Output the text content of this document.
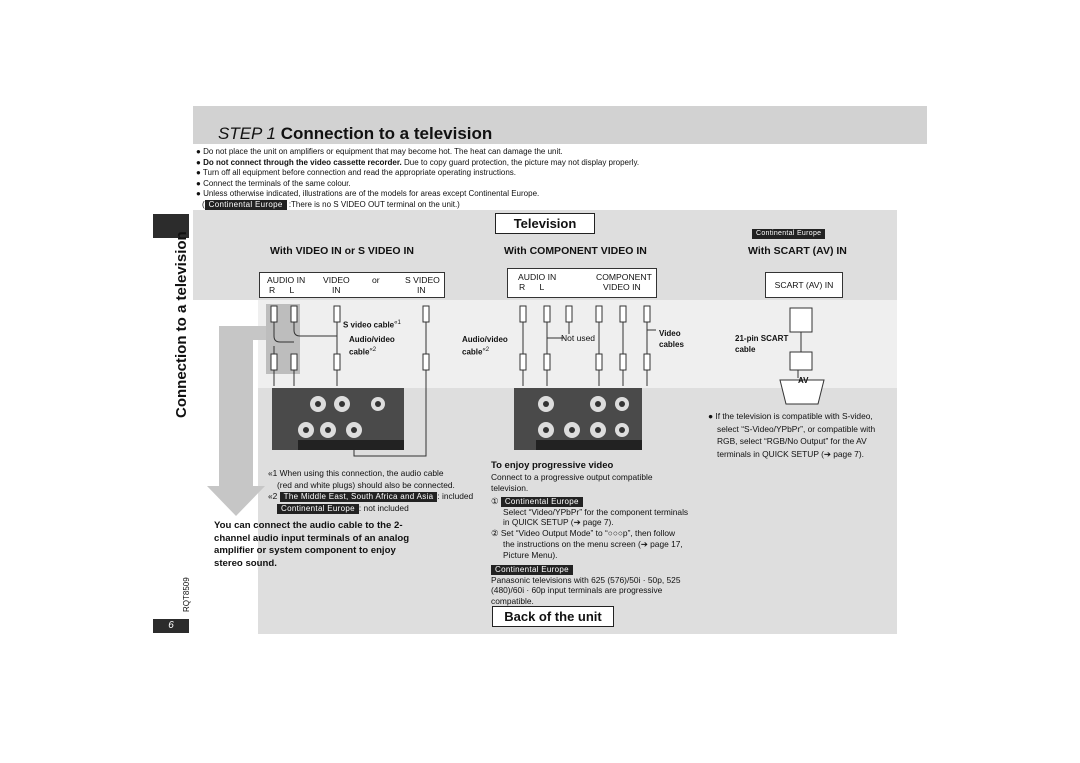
STEP 1 Connection to a television
● Do not place the unit on amplifiers or equipment that may become hot. The heat can damage the unit.
● Do not connect through the video cassette recorder. Due to copy guard protection, the picture may not display properly.
● Turn off all equipment before connection and read the appropriate operating instructions.
● Connect the terminals of the same colour.
● Unless otherwise indicated, illustrations are of the models for areas except Continental Europe.
( Continental Europe :There is no S VIDEO OUT terminal on the unit.)
Connection to a television
RQT8509
6
Television
With VIDEO IN or S VIDEO IN	With COMPONENT VIDEO IN
Continental Europe
With SCART (AV) IN
AUDIO IN
R      L
VIDEO
IN
or	S VIDEO
IN
AUDIO IN
R      L
COMPONENT
VIDEO IN	SCART (AV) IN
S video cable$^{«1}$
Audio/video
cable$^{«2}$
Audio/video
cable$^{«2}$
Not used	Video
cables
21-pin SCART
cable
AV
● If the television is compatible with S-video,
select “S-Video/YPbPr”, or compatible with
RGB, select “RGB/No Output” for the AV
terminals in QUICK SETUP (➔ page 7).
«1 When using this connection, the audio cable
(red and white plugs) should also be connected.
«2 The Middle East, South Africa and Asia : included
Continental Europe : not included
You can connect the audio cable to the 2-
channel audio input terminals of an analog
amplifier or system component to enjoy
stereo sound.
To enjoy progressive video
Connect to a progressive output compatible
television.
① Continental Europe
Select “Video/YPbPr” for the component terminals
in QUICK SETUP (➔ page 7).
② Set “Video Output Mode” to “○○○p”, then follow
the instructions on the menu screen (➔ page 17,
Picture Menu).
Continental Europe
Panasonic televisions with 625 (576)/50i · 50p, 525
(480)/60i · 60p input terminals are progressive
compatible.
Back of the unit
